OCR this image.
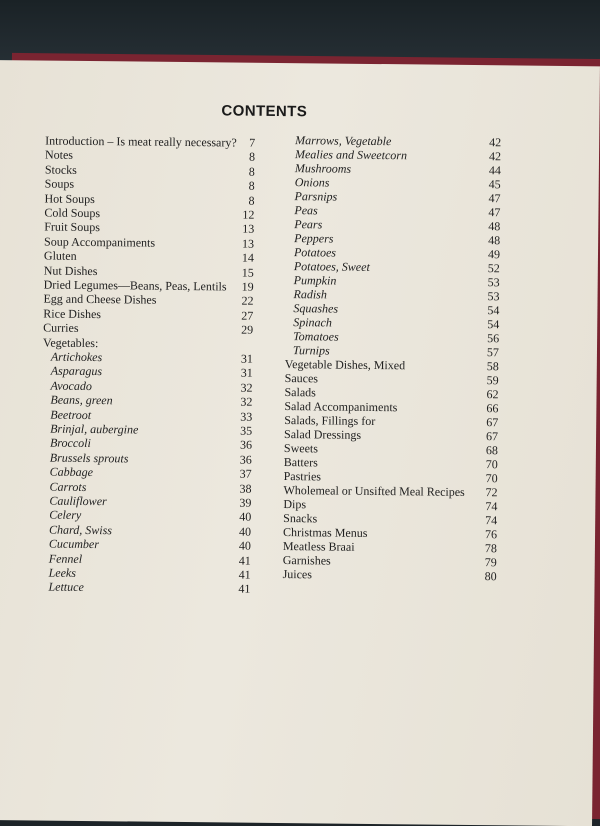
CONTENTS
Introduction – Is meat really necessary? 7
Notes	8
Stocks	8
Soups	8
Hot Soups	8
Cold Soups	12
Fruit Soups	13
Soup Accompaniments	13
Gluten	14
Nut Dishes	15
Dried Legumes—Beans, Peas, Lentils 19
Egg and Cheese Dishes	22
Rice Dishes	27
Curries	29
Vegetables:
Artichokes	31
Asparagus	31
Avocado	32
Beans, green	32
Beetroot	33
Brinjal, aubergine	35
Broccoli	36
Brussels sprouts	36
Cabbage	37
Carrots	38
Cauliflower	39
Celery	40
Chard, Swiss	40
Cucumber	40
Fennel	41
Leeks	41
Lettuce	41
Marrows, Vegetable	42
Mealies and Sweetcorn	42
Mushrooms	44
Onions	45
Parsnips	47
Peas	47
Pears	48
Peppers	48
Potatoes	49
Potatoes, Sweet	52
Pumpkin	53
Radish	53
Squashes	54
Spinach	54
Tomatoes	56
Turnips	57
Vegetable Dishes, Mixed	58
Sauces	59
Salads	62
Salad Accompaniments	66
Salads, Fillings for	67
Salad Dressings	67
Sweets	68
Batters	70
Pastries	70
Wholemeal or Unsifted Meal Recipes 72
Dips	74
Snacks	74
Christmas Menus	76
Meatless Braai	78
Garnishes	79
Juices	80
